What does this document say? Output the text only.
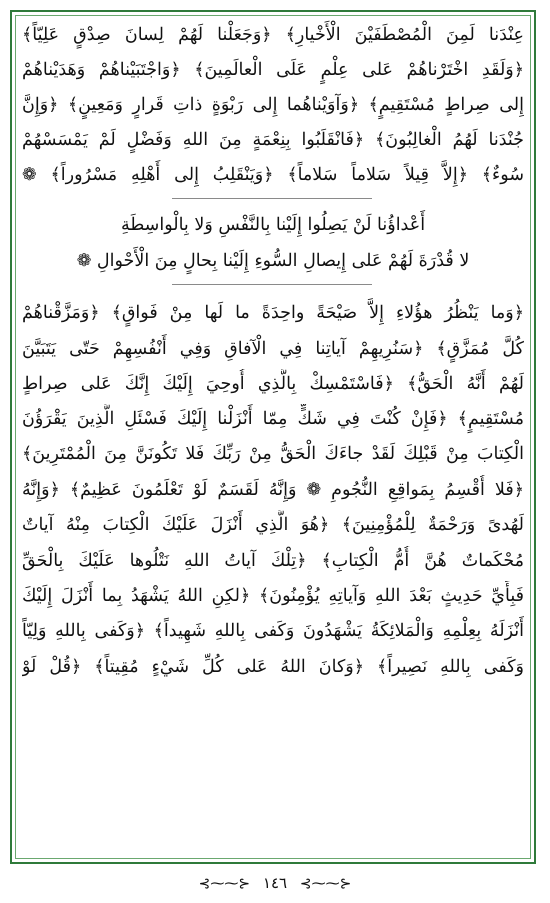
عِنْدَنا لَمِنَ الْمُصْطَفَيْنَ الْأَخْيارِ﴾ ﴿وَجَعَلْنا لَهُمْ لِسانَ صِدْقٍ عَلِيّاً﴾
﴿وَلَقَدِ اخْتَرْناهُمْ عَلى عِلْمٍ عَلَى الْعالَمِينَ﴾ ﴿وَاجْتَبَيْناهُمْ وَهَدَيْناهُمْ
إِلى صِراطٍ مُسْتَقِيمٍ﴾ ﴿وَآوَيْناهُما إِلى رَبْوَةٍ ذاتِ قَرارٍ وَمَعِينٍ﴾ ﴿وَإِنَّ
جُنْدَنا لَهُمُ الْغالِبُونَ﴾ ﴿فَانْقَلَبُوا بِنِعْمَةٍ مِنَ اللهِ وَفَضْلٍ لَمْ يَمْسَسْهُمْ
سُوءٌ﴾ ﴿إِلاَّ قِيلاً سَلاماً سَلاماً﴾ ﴿وَيَنْقَلِبُ إِلى أَهْلِهِ مَسْرُوراً﴾ ❁
أَعْداؤُنا لَنْ يَصِلُوا إِلَيْنا بِالنَّفْسِ وَلا بِالْواسِطَةِ
لا قُدْرَةَ لَهُمْ عَلى إِيصالِ السُّوءِ إِلَيْنا بِحالٍ مِنَ الْأَحْوالِ ❁
﴿وَما يَنْظُرُ هؤُلاءِ إِلاَّ صَيْحَةً واحِدَةً ما لَها مِنْ فَواقٍ﴾ ﴿وَمَزَّقْناهُمْ
كُلَّ مُمَزَّقٍ﴾ ﴿سَنُرِيهِمْ آياتِنا فِي الْآفاقِ وَفِي أَنْفُسِهِمْ حَتّى يَتَبَيَّنَ
لَهُمْ أَنَّهُ الْحَقُّ﴾ ﴿فَاسْتَمْسِكْ بِالَّذِي أُوحِيَ إِلَيْكَ إِنَّكَ عَلى صِراطٍ
مُسْتَقِيمٍ﴾ ﴿فَإِنْ كُنْتَ فِي شَكٍّ مِمّا أَنْزَلْنا إِلَيْكَ فَسْئَلِ الَّذِينَ يَقْرَؤُنَ
الْكِتابَ مِنْ قَبْلِكَ لَقَدْ جاءَكَ الْحَقُّ مِنْ رَبِّكَ فَلا تَكُونَنَّ مِنَ الْمُمْتَرِينَ﴾
﴿فَلا أُقْسِمُ بِمَواقِعِ النُّجُومِ ❁ وَإِنَّهُ لَقَسَمٌ لَوْ تَعْلَمُونَ عَظِيمٌ﴾ ﴿وَإِنَّهُ
لَهُدىً وَرَحْمَةٌ لِلْمُؤْمِنِينَ﴾ ﴿هُوَ الَّذِي أَنْزَلَ عَلَيْكَ الْكِتابَ مِنْهُ آياتٌ
مُحْكَماتٌ هُنَّ أُمُّ الْكِتابِ﴾ ﴿تِلْكَ آياتُ اللهِ نَتْلُوها عَلَيْكَ بِالْحَقِّ
فَبِأَيِّ حَدِيثٍ بَعْدَ اللهِ وَآياتِهِ يُؤْمِنُونَ﴾ ﴿لكِنِ اللهُ يَشْهَدُ بِما أَنْزَلَ إِلَيْكَ
أَنْزَلَهُ بِعِلْمِهِ وَالْمَلائِكَةُ يَشْهَدُونَ وَكَفى بِاللهِ شَهِيداً﴾ ﴿وَكَفى بِاللهِ وَلِيّاً
وَكَفى بِاللهِ نَصِيراً﴾ ﴿وَكانَ اللهُ عَلى كُلِّ شَيْءٍ مُقِيتاً﴾ ﴿قُلْ لَوْ
⊰⁓⁓⊱ ١٤٦ ⊰⁓⁓⊱
